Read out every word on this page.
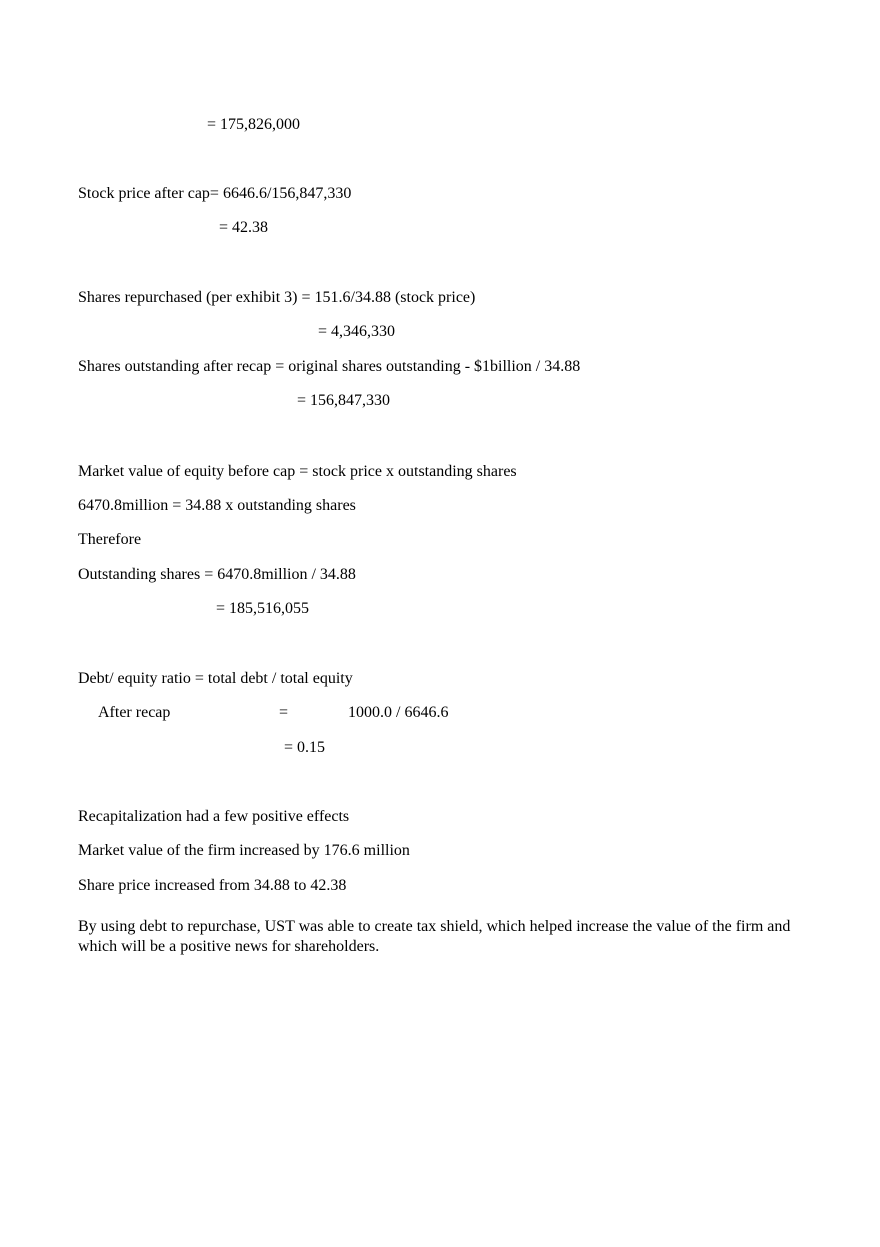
= 175,826,000
Stock price after cap= 6646.6/156,847,330
= 42.38
Shares repurchased (per exhibit 3) = 151.6/34.88 (stock price)
= 4,346,330
Shares outstanding after recap = original shares outstanding - $1billion / 34.88
= 156,847,330
Market value of equity before cap = stock price x outstanding shares
6470.8million = 34.88 x outstanding shares
Therefore
Outstanding shares = 6470.8million / 34.88
= 185,516,055
Debt/ equity ratio = total debt / total equity
After recap	=	1000.0 / 6646.6
= 0.15
Recapitalization had a few positive effects
Market value of the firm increased by 176.6 million
Share price increased from 34.88 to 42.38
By using debt to repurchase, UST was able to create tax shield, which helped increase the value of the firm and which will be a positive news for shareholders.
